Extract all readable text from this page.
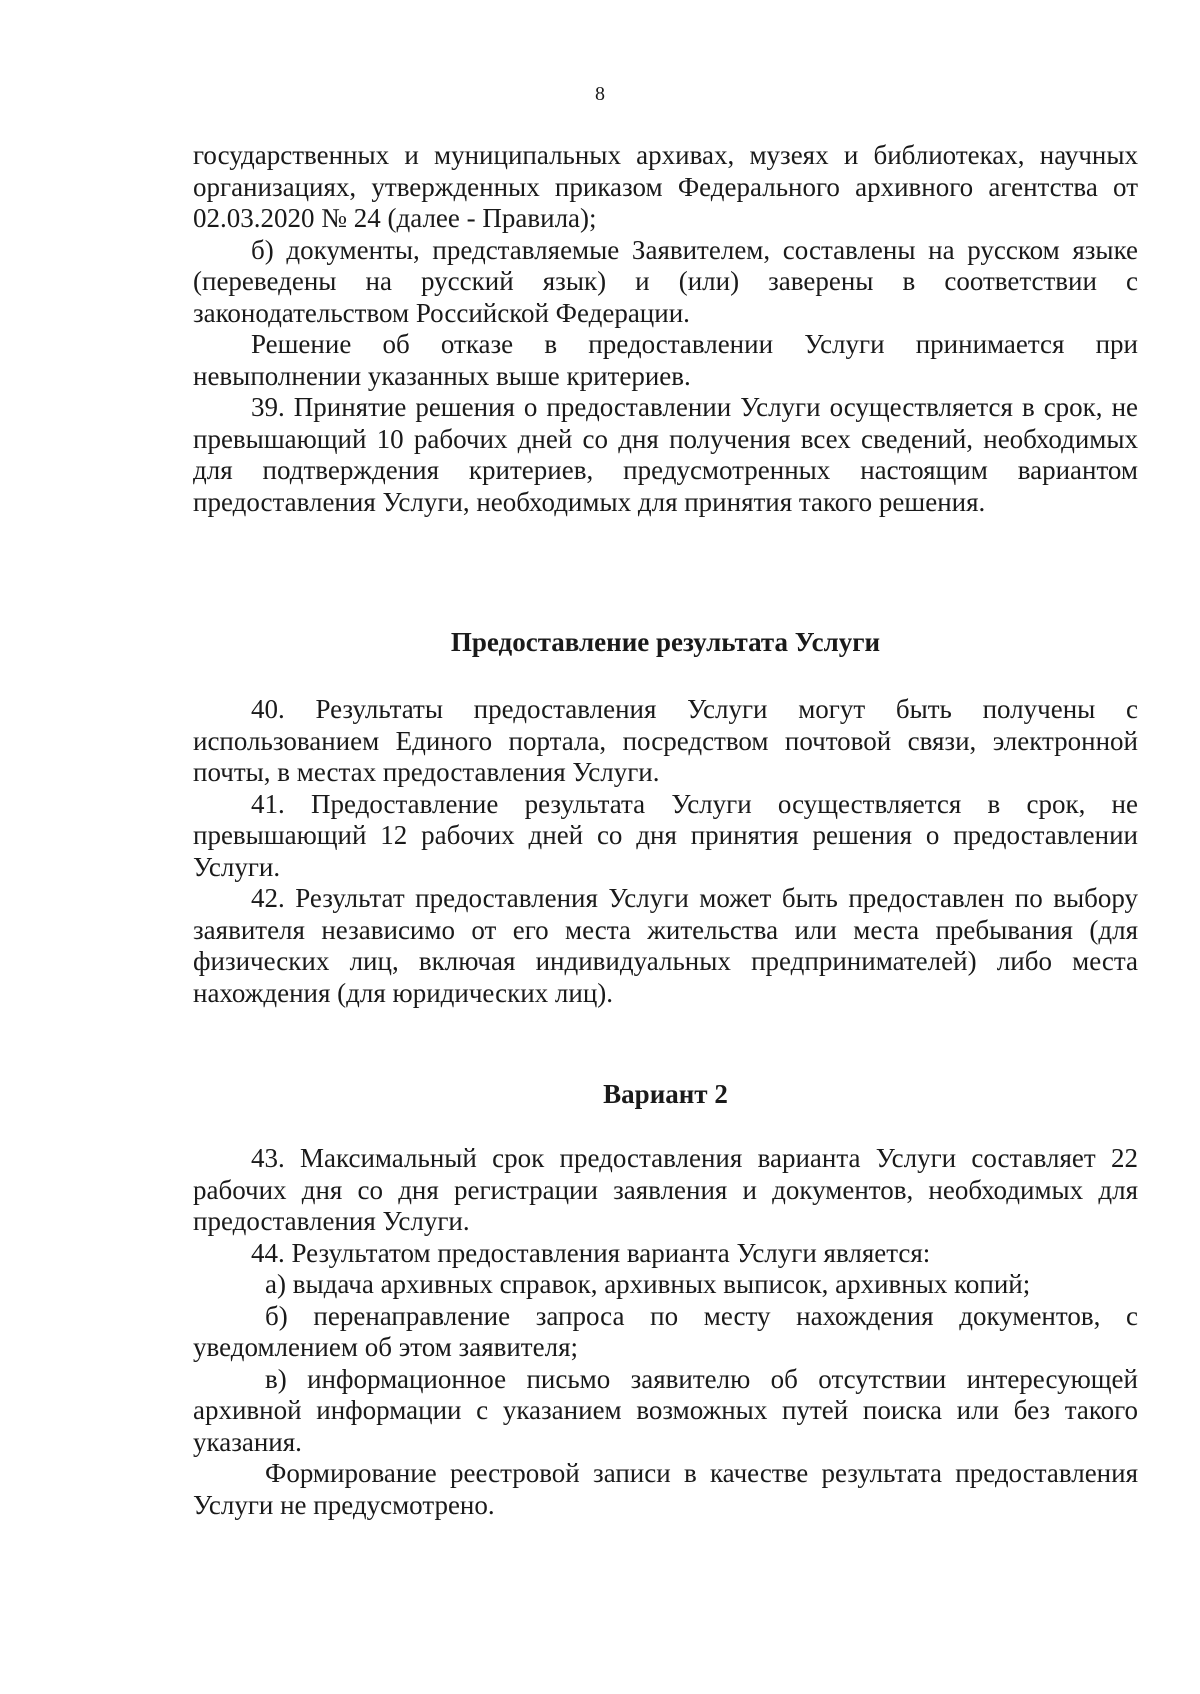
8

государственных и муниципальных архивах, музеях и библиотеках, научных организациях, утвержденных приказом Федерального архивного агентства от 02.03.2020 № 24 (далее - Правила);

б) документы, представляемые Заявителем, составлены на русском языке (переведены на русский язык) и (или) заверены в соответствии с законодательством Российской Федерации.

Решение об отказе в предоставлении Услуги принимается при невыполнении указанных выше критериев.

39. Принятие решения о предоставлении Услуги осуществляется в срок, не превышающий 10 рабочих дней со дня получения всех сведений, необходимых для подтверждения критериев, предусмотренных настоящим вариантом предоставления Услуги, необходимых для принятия такого решения.

Предоставление результата Услуги

40. Результаты предоставления Услуги могут быть получены с использованием Единого портала, посредством почтовой связи, электронной почты, в местах предоставления Услуги.

41. Предоставление результата Услуги осуществляется в срок, не превышающий 12 рабочих дней со дня принятия решения о предоставлении Услуги.

42. Результат предоставления Услуги может быть предоставлен по выбору заявителя независимо от его места жительства или места пребывания (для физических лиц, включая индивидуальных предпринимателей) либо места нахождения (для юридических лиц).

Вариант 2

43. Максимальный срок предоставления варианта Услуги составляет 22 рабочих дня со дня регистрации заявления и документов, необходимых для предоставления Услуги.

44. Результатом предоставления варианта Услуги является:

а) выдача архивных справок, архивных выписок, архивных копий;

б) перенаправление запроса по месту нахождения документов, с уведомлением об этом заявителя;

в) информационное письмо заявителю об отсутствии интересующей архивной информации с указанием возможных путей поиска или без такого указания.

Формирование реестровой записи в качестве результата предоставления Услуги не предусмотрено.
